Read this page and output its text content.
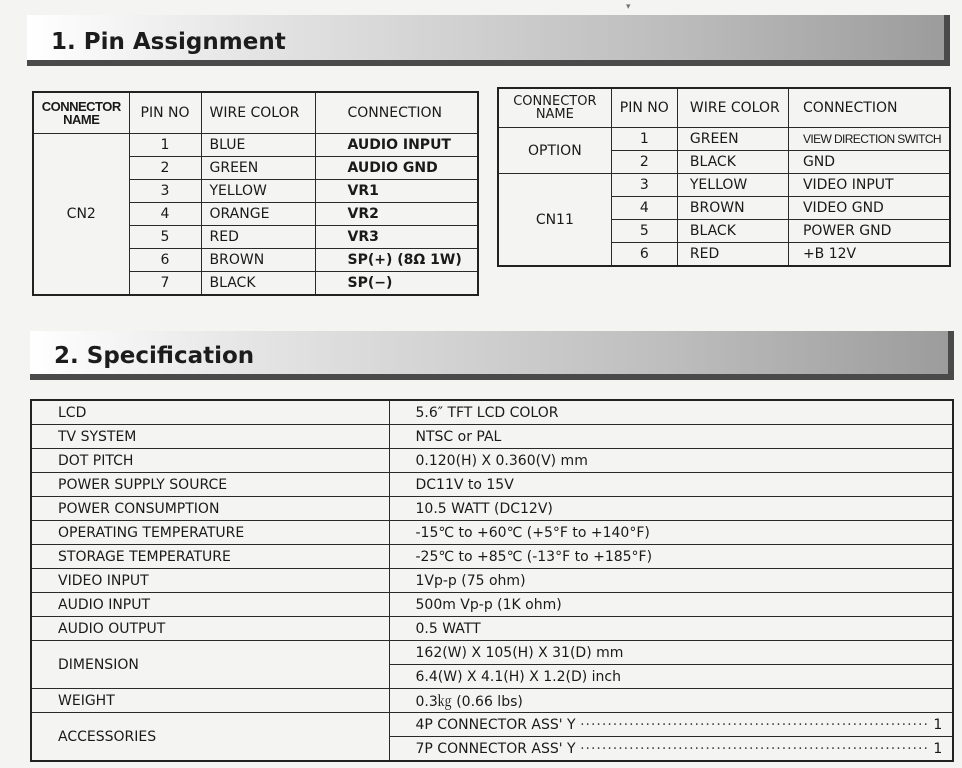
▾
1. Pin Assignment
CONNECTOR NAME	PIN NO	WIRE COLOR	CONNECTION
CN2	1	BLUE	AUDIO INPUT
	2	GREEN	AUDIO GND
	3	YELLOW	VR1
	4	ORANGE	VR2
	5	RED	VR3
	6	BROWN	SP(+) (8Ω 1W)
	7	BLACK	SP(−)
CONNECTOR NAME	PIN NO	WIRE COLOR	CONNECTION
OPTION	1	GREEN	VIEW DIRECTION SWITCH
	2	BLACK	GND
CN11	3	YELLOW	VIDEO INPUT
	4	BROWN	VIDEO GND
	5	BLACK	POWER GND
	6	RED	+B 12V
2. Specification
LCD	5.6″ TFT LCD COLOR
TV SYSTEM	NTSC or PAL
DOT PITCH	0.120(H) X 0.360(V) mm
POWER SUPPLY SOURCE	DC11V to 15V
POWER CONSUMPTION	10.5 WATT (DC12V)
OPERATING TEMPERATURE	-15℃ to +60℃ (+5°F to +140°F)
STORAGE TEMPERATURE	-25℃ to +85℃ (-13°F to +185°F)
VIDEO INPUT	1Vp-p (75 ohm)
AUDIO INPUT	500m Vp-p (1K ohm)
AUDIO OUTPUT	0.5 WATT
DIMENSION	162(W) X 105(H) X 31(D) mm
	6.4(W) X 4.1(H) X 1.2(D) inch
WEIGHT	0.3㎏ (0.66 lbs)
ACCESSORIES	4P CONNECTOR ASS' Y ································································ 1
	7P CONNECTOR ASS' Y ································································ 1
